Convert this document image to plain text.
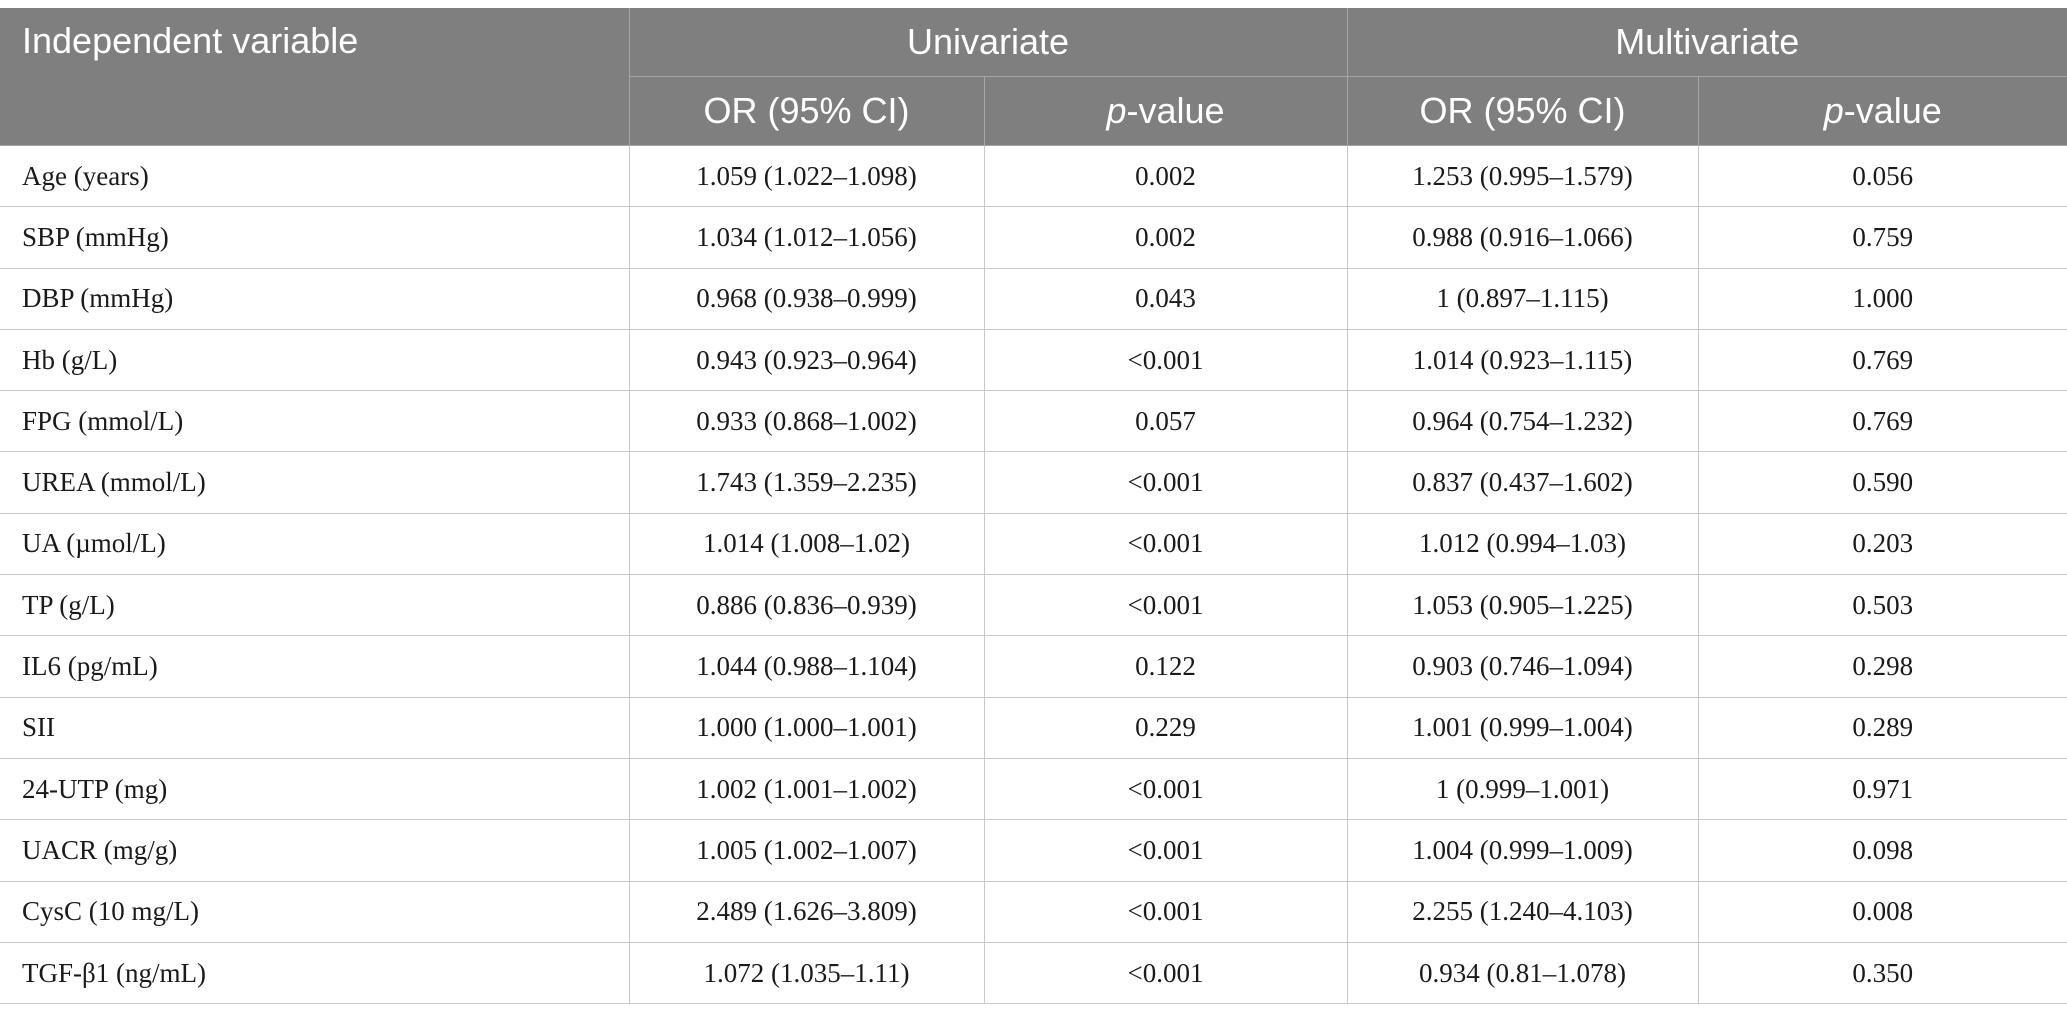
Independent variable	Univariate		Multivariate	
	OR (95% CI)	p-value	OR (95% CI)	p-value
Age (years)	1.059 (1.022–1.098)	0.002	1.253 (0.995–1.579)	0.056
SBP (mmHg)	1.034 (1.012–1.056)	0.002	0.988 (0.916–1.066)	0.759
DBP (mmHg)	0.968 (0.938–0.999)	0.043	1 (0.897–1.115)	1.000
Hb (g/L)	0.943 (0.923–0.964)	<0.001	1.014 (0.923–1.115)	0.769
FPG (mmol/L)	0.933 (0.868–1.002)	0.057	0.964 (0.754–1.232)	0.769
UREA (mmol/L)	1.743 (1.359–2.235)	<0.001	0.837 (0.437–1.602)	0.590
UA (µmol/L)	1.014 (1.008–1.02)	<0.001	1.012 (0.994–1.03)	0.203
TP (g/L)	0.886 (0.836–0.939)	<0.001	1.053 (0.905–1.225)	0.503
IL6 (pg/mL)	1.044 (0.988–1.104)	0.122	0.903 (0.746–1.094)	0.298
SII	1.000 (1.000–1.001)	0.229	1.001 (0.999–1.004)	0.289
24-UTP (mg)	1.002 (1.001–1.002)	<0.001	1 (0.999–1.001)	0.971
UACR (mg/g)	1.005 (1.002–1.007)	<0.001	1.004 (0.999–1.009)	0.098
CysC (10 mg/L)	2.489 (1.626–3.809)	<0.001	2.255 (1.240–4.103)	0.008
TGF-β1 (ng/mL)	1.072 (1.035–1.11)	<0.001	0.934 (0.81–1.078)	0.350
